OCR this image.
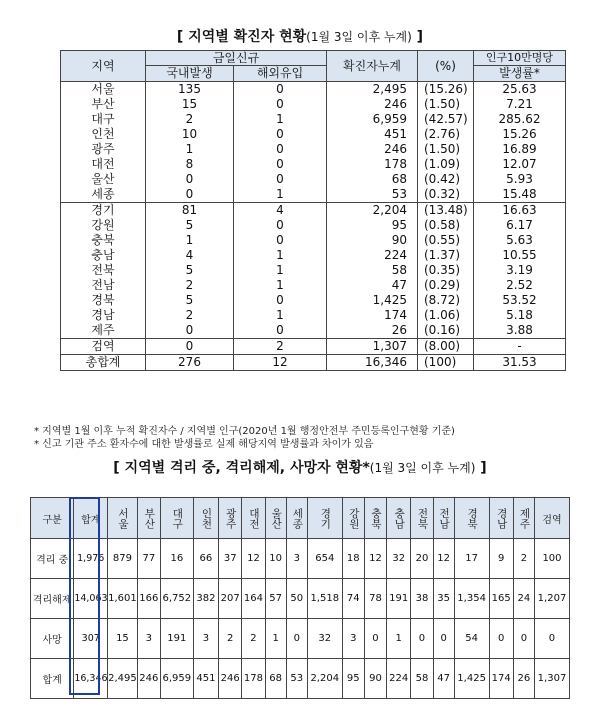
[ 지역별 확진자 현황(1월 3일 이후 누계) ]
지역	금일신규		확진자누계	(%)	인구10만명당
	국내발생	해외유입			발생률*
서울	135	0	2,495	(15.26)	25.63
부산	15	0	246	(1.50)	7.21
대구	2	1	6,959	(42.57)	285.62
인천	10	0	451	(2.76)	15.26
광주	1	0	246	(1.50)	16.89
대전	8	0	178	(1.09)	12.07
울산	0	0	68	(0.42)	5.93
세종	0	1	53	(0.32)	15.48
경기	81	4	2,204	(13.48)	16.63
강원	5	0	95	(0.58)	6.17
충북	1	0	90	(0.55)	5.63
충남	4	1	224	(1.37)	10.55
전북	5	1	58	(0.35)	3.19
전남	2	1	47	(0.29)	2.52
경북	5	0	1,425	(8.72)	53.52
경남	2	1	174	(1.06)	5.18
제주	0	0	26	(0.16)	3.88
검역	0	2	1,307	(8.00)	-
총합계	276	12	16,346	(100)	31.53
* 지역별 1월 이후 누적 확진자수 / 지역별 인구(2020년 1월 행정안전부 주민등록인구현황 기준)
* 신고 기관 주소 환자수에 대한 발생률로 실제 해당지역 발생률과 차이가 있음
[ 지역별 격리 중, 격리해제, 사망자 현황*(1월 3일 이후 누계) ]
구분	합계	서울	부산	대구	인천	광주	대전	울산	세종	경기	강원	충북	충남	전북	전남	경북	경남	제주	검역
격리 중	1,976	879	77	16	66	37	12	10	3	654	18	12	32	20	12	17	9	2	100
격리해제	14,063	1,601	166	6,752	382	207	164	57	50	1,518	74	78	191	38	35	1,354	165	24	1,207
사망	307	15	3	191	3	2	2	1	0	32	3	0	1	0	0	54	0	0	0
합계	16,346	2,495	246	6,959	451	246	178	68	53	2,204	95	90	224	58	47	1,425	174	26	1,307
